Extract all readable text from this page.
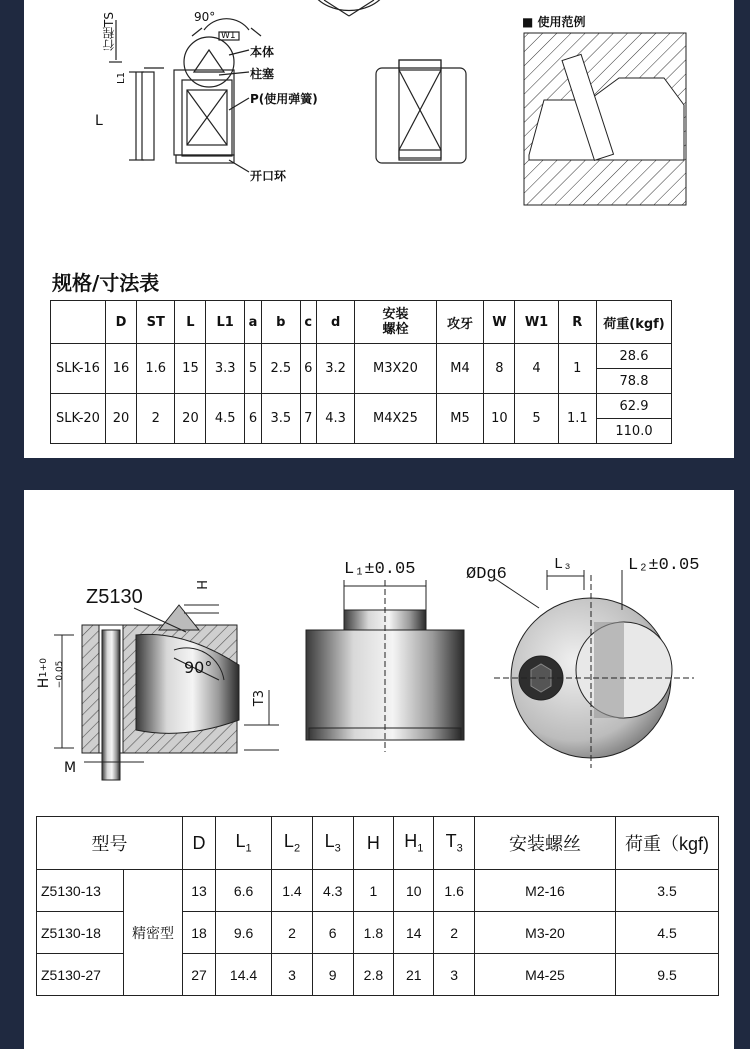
90°
W1
行程TS
L1
L
本体
柱塞
P(使用弹簧)
开口环
■ 使用范例
规格/寸法表
	D	ST	L	L1	a	b	c	d	安装
螺栓	攻牙	W	W1	R	荷重(kgf)
SLK-16	16	1.6	15	3.3	5	2.5	6	3.2	M3X20	M4	8	4	1	28.6
														78.8
SLK-20	20	2	20	4.5	6	3.5	7	4.3	M4X25	M5	10	5	1.1	62.9
														110.0
Z5130
H
H1+0
−0.05	90°
T3
M
L₁±0.05	ØDg6
L₃	L₂±0.05
型号		D	$L_1$	$L_2$	$L_3$	H	$H_1$	$T_3$	安装螺丝	荷重（kgf)
Z5130-13	精密型	13	6.6	1.4	4.3	1	10	1.6	M2-16	3.5
Z5130-18		18	9.6	2	6	1.8	14	2	M3-20	4.5
Z5130-27		27	14.4	3	9	2.8	21	3	M4-25	9.5
